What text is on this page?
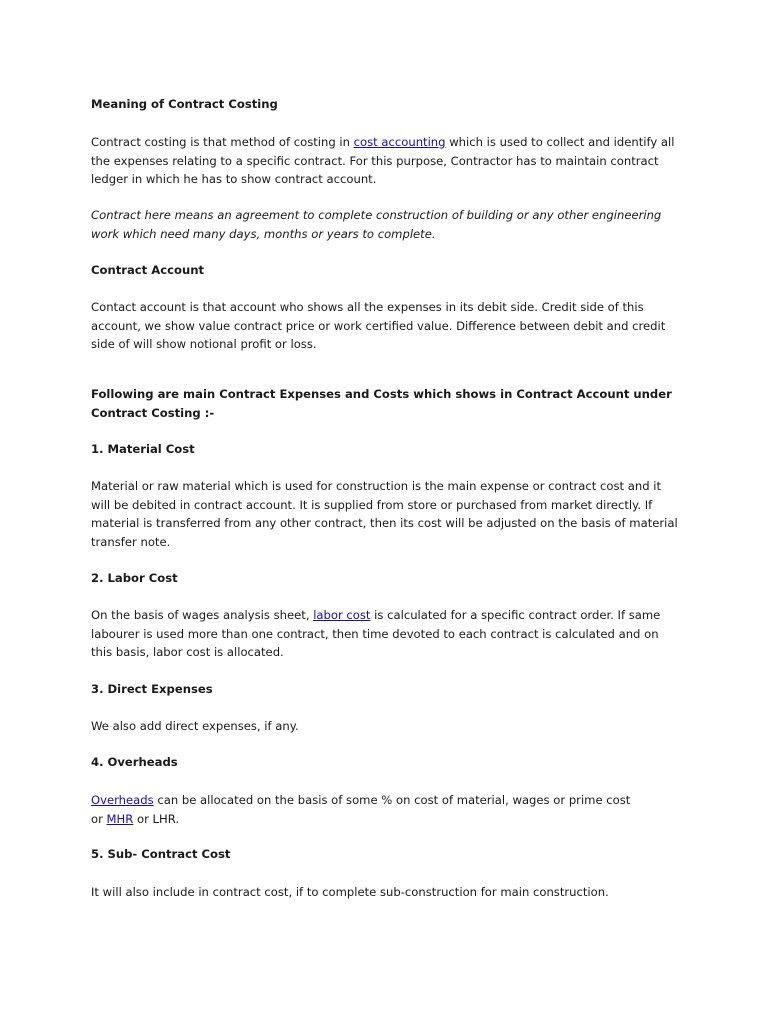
Meaning of Contract Costing

Contract costing is that method of costing in cost accounting which is used to collect and identify all the expenses relating to a specific contract. For this purpose, Contractor has to maintain contract ledger in which he has to show contract account.

Contract here means an agreement to complete construction of building or any other engineering work which need many days, months or years to complete.

Contract Account

Contact account is that account who shows all the expenses in its debit side. Credit side of this account, we show value contract price or work certified value. Difference between debit and credit side of will show notional profit or loss.

Following are main Contract Expenses and Costs which shows in Contract Account under Contract Costing :-

1. Material Cost

Material or raw material which is used for construction is the main expense or contract cost and it will be debited in contract account. It is supplied from store or purchased from market directly. If material is transferred from any other contract, then its cost will be adjusted on the basis of material transfer note.

2. Labor Cost

On the basis of wages analysis sheet, labor cost is calculated for a specific contract order. If same labourer is used more than one contract, then time devoted to each contract is calculated and on this basis, labor cost is allocated.

3. Direct Expenses

We also add direct expenses, if any.

4. Overheads

Overheads can be allocated on the basis of some % on cost of material, wages or prime cost
or MHR or LHR.

5. Sub- Contract Cost

It will also include in contract cost, if to complete sub-construction for main construction.
